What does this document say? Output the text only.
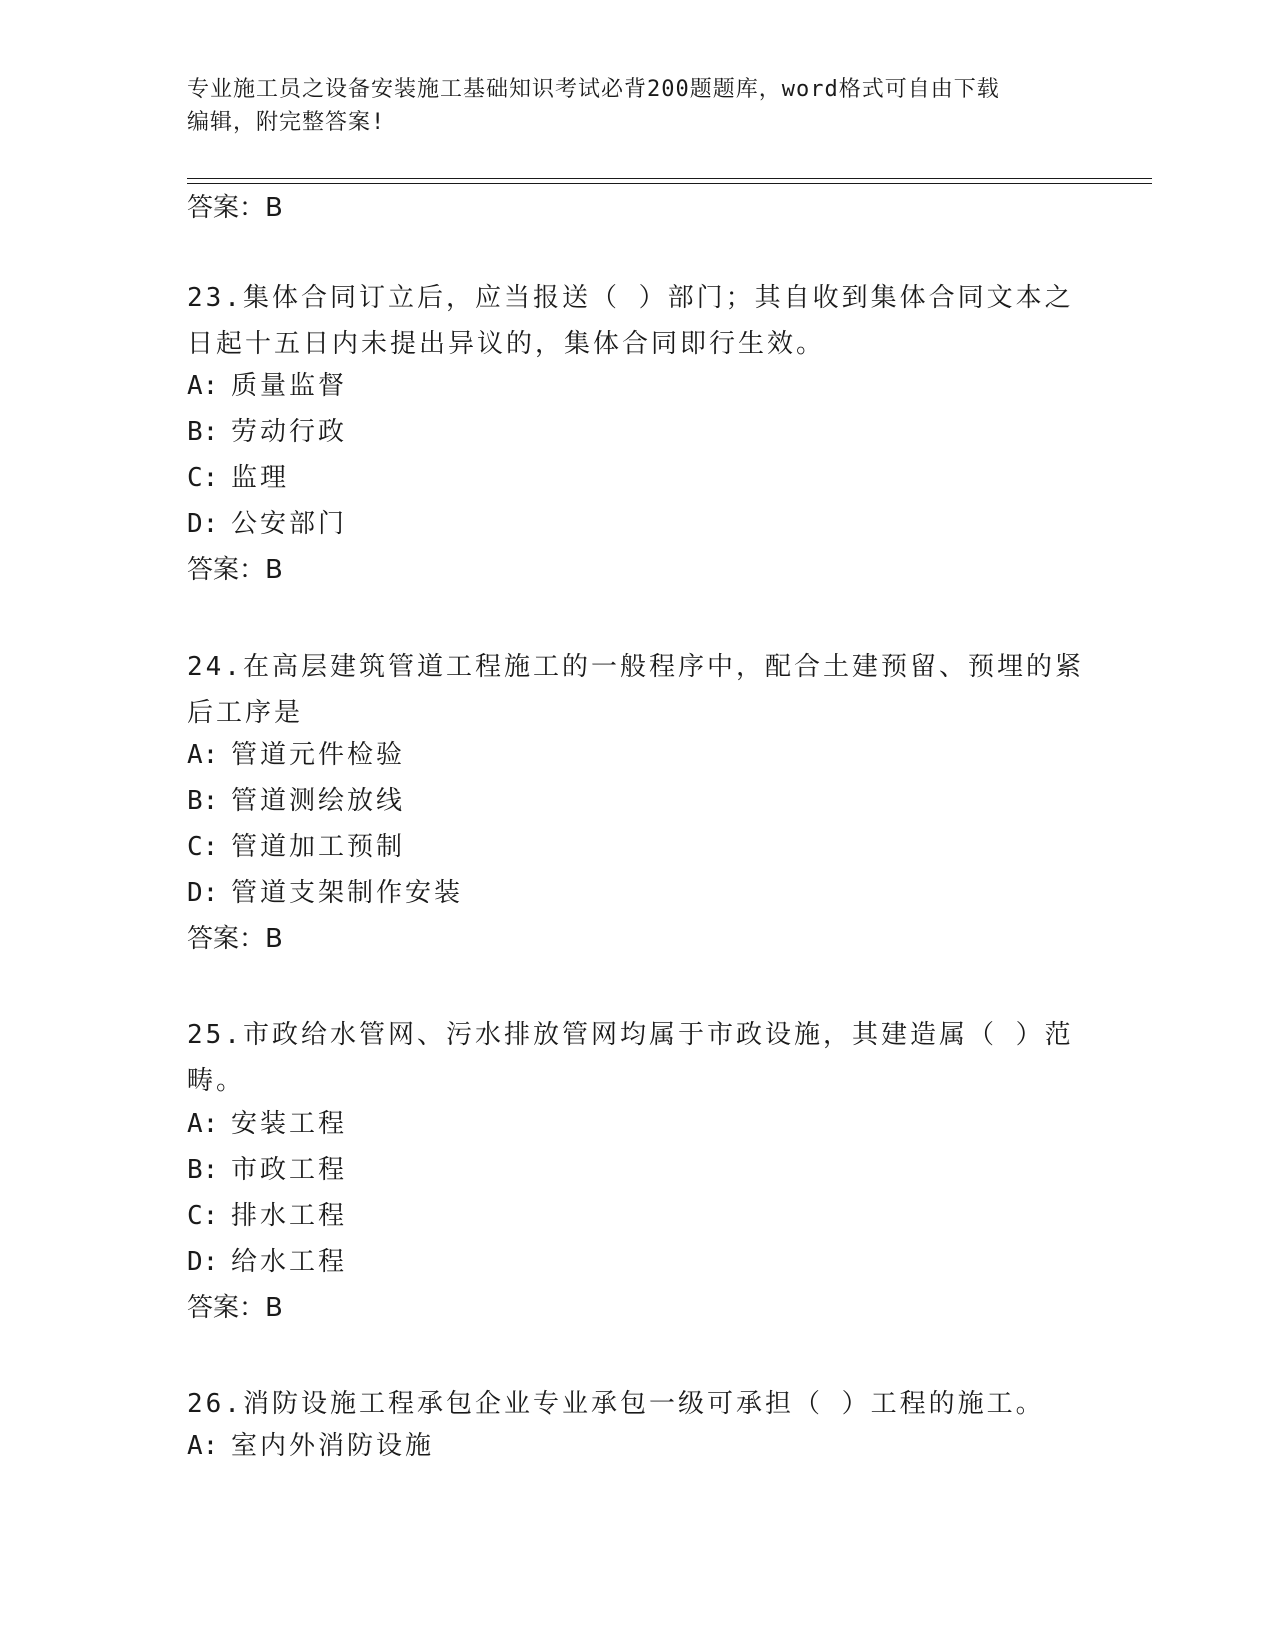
专业施工员之设备安装施工基础知识考试必背200题题库，word格式可自由下载
编辑，附完整答案!
答案：B
23.集体合同订立后，应当报送（ ）部门；其自收到集体合同文本之
日起十五日内未提出异议的，集体合同即行生效。
A: 质量监督
B: 劳动行政
C: 监理
D: 公安部门
答案：B
24.在高层建筑管道工程施工的一般程序中，配合土建预留、预埋的紧
后工序是
A: 管道元件检验
B: 管道测绘放线
C: 管道加工预制
D: 管道支架制作安装
答案：B
25.市政给水管网、污水排放管网均属于市政设施，其建造属（ ）范
畴。
A: 安装工程
B: 市政工程
C: 排水工程
D: 给水工程
答案：B
26.消防设施工程承包企业专业承包一级可承担（ ）工程的施工。
A: 室内外消防设施
